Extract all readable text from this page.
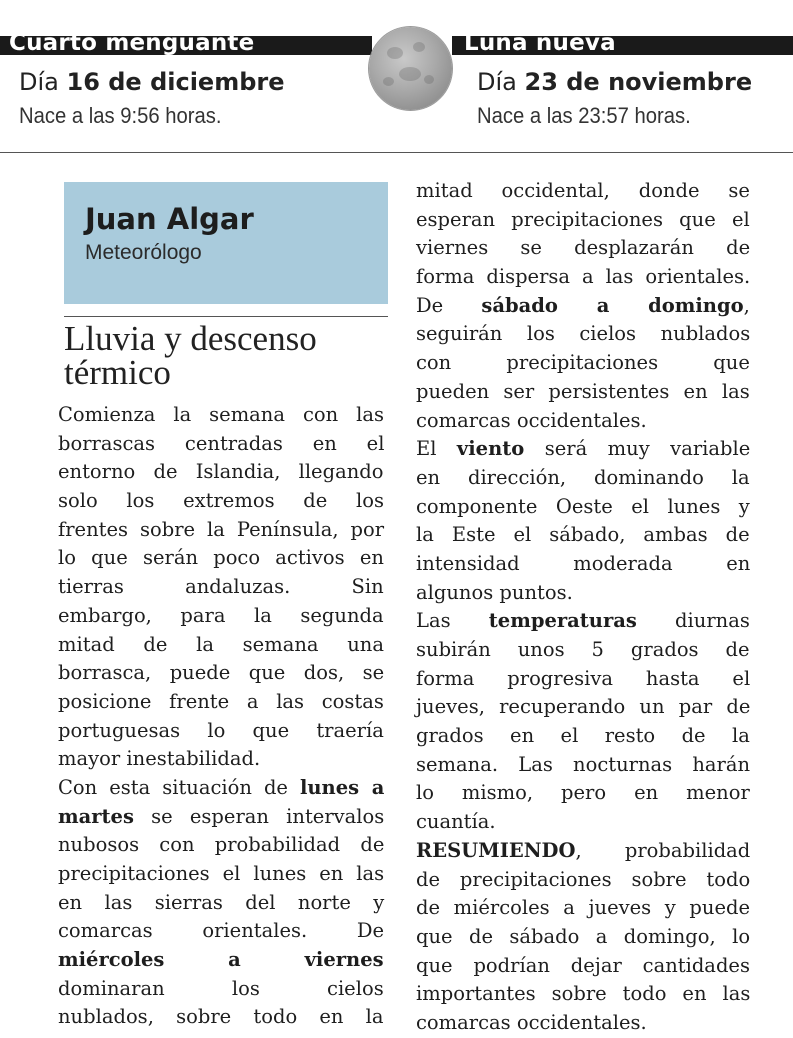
Cuarto menguante	Luna nueva
Día 16 de diciembre	Día 23 de noviembre
Nace a las 9:56 horas.	Nace a las 23:57 horas.
Juan Algar
Meteorólogo
Lluvia y descenso térmico
Comienza la semana con las
borrascas centradas en el
entorno de Islandia, llegando
solo los extremos de los
frentes sobre la Península, por
lo que serán poco activos en
tierras andaluzas. Sin
embargo, para la segunda
mitad de la semana una
borrasca, puede que dos, se
posicione frente a las costas
portuguesas lo que traería
mayor inestabilidad.
Con esta situación de lunes a
martes se esperan intervalos
nubosos con probabilidad de
precipitaciones el lunes en las
en las sierras del norte y
comarcas orientales. De
miércoles a viernes
dominaran los cielos
nublados, sobre todo en la
mitad occidental, donde se
esperan precipitaciones que el
viernes se desplazarán de
forma dispersa a las orientales.
De sábado a domingo,
seguirán los cielos nublados
con precipitaciones que
pueden ser persistentes en las
comarcas occidentales.
El viento será muy variable
en dirección, dominando la
componente Oeste el lunes y
la Este el sábado, ambas de
intensidad moderada en
algunos puntos.
Las temperaturas diurnas
subirán unos 5 grados de
forma progresiva hasta el
jueves, recuperando un par de
grados en el resto de la
semana. Las nocturnas harán
lo mismo, pero en menor
cuantía.
RESUMIENDO, probabilidad
de precipitaciones sobre todo
de miércoles a jueves y puede
que de sábado a domingo, lo
que podrían dejar cantidades
importantes sobre todo en las
comarcas occidentales.
